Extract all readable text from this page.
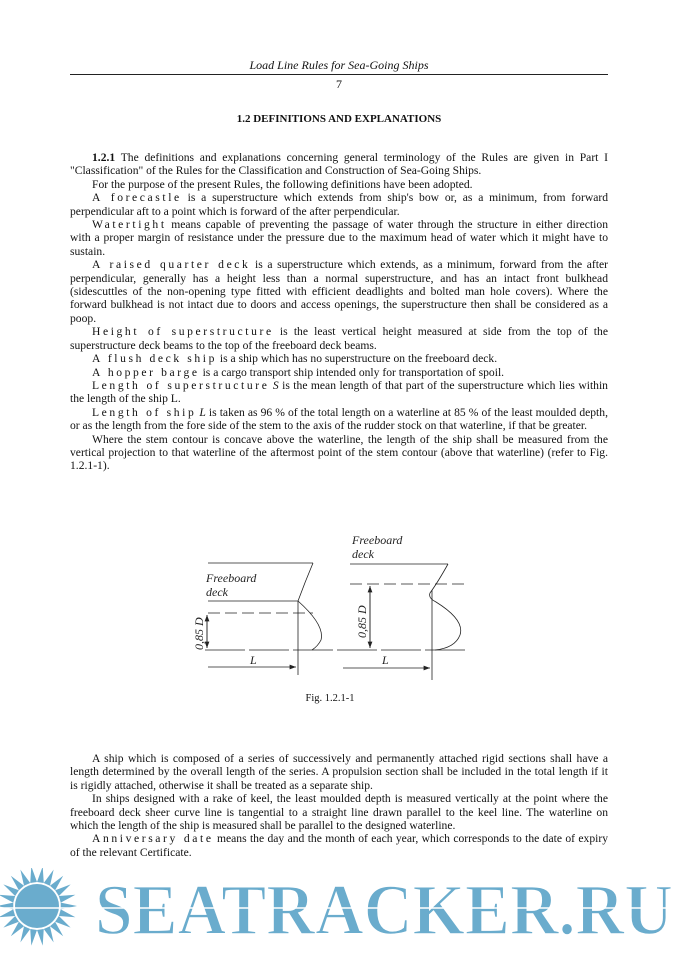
Load Line Rules for Sea-Going Ships
7
1.2 DEFINITIONS AND EXPLANATIONS

1.2.1 The definitions and explanations concerning general terminology of the Rules are given in Part I "Classification" of the Rules for the Classification and Construction of Sea-Going Ships.

For the purpose of the present Rules, the following definitions have been adopted.

A forecastle is a superstructure which extends from ship's bow or, as a minimum, from forward perpendicular aft to a point which is forward of the after perpendicular.

Watertight means capable of preventing the passage of water through the structure in either direction with a proper margin of resistance under the pressure due to the maximum head of water which it might have to sustain.

A raised quarter deck is a superstructure which extends, as a minimum, forward from the after perpendicular, generally has a height less than a normal superstructure, and has an intact front bulkhead (sidescuttles of the non-opening type fitted with efficient deadlights and bolted man hole covers). Where the forward bulkhead is not intact due to doors and access openings, the superstructure then shall be considered as a poop.

Height of superstructure is the least vertical height measured at side from the top of the superstructure deck beams to the top of the freeboard deck beams.

A flush deck ship is a ship which has no superstructure on the freeboard deck.

A hopper barge is a cargo transport ship intended only for transportation of spoil.

Length of superstructure S is the mean length of that part of the superstructure which lies within the length of the ship L.

Length of ship L is taken as 96 % of the total length on a waterline at 85 % of the least moulded depth, or as the length from the fore side of the stem to the axis of the rudder stock on that waterline, if that be greater.

Where the stem contour is concave above the waterline, the length of the ship shall be measured from the vertical projection to that waterline of the aftermost point of the stem contour (above that waterline) (refer to Fig. 1.2.1-1).

Freeboard
deck
Freeboard
deck
0,85 D	0,85 D
L	L
Fig. 1.2.1-1

A ship which is composed of a series of successively and permanently attached rigid sections shall have a length determined by the overall length of the series. A propulsion section shall be included in the total length if it is rigidly attached, otherwise it shall be treated as a separate ship.

In ships designed with a rake of keel, the least moulded depth is measured vertically at the point where the freeboard deck sheer curve line is tangential to a straight line drawn parallel to the keel line. The waterline on which the length of the ship is measured shall be parallel to the designed waterline.

Anniversary date means the day and the month of each year, which corresponds to the date of expiry of the relevant Certificate.

SEATRACKER.RU
